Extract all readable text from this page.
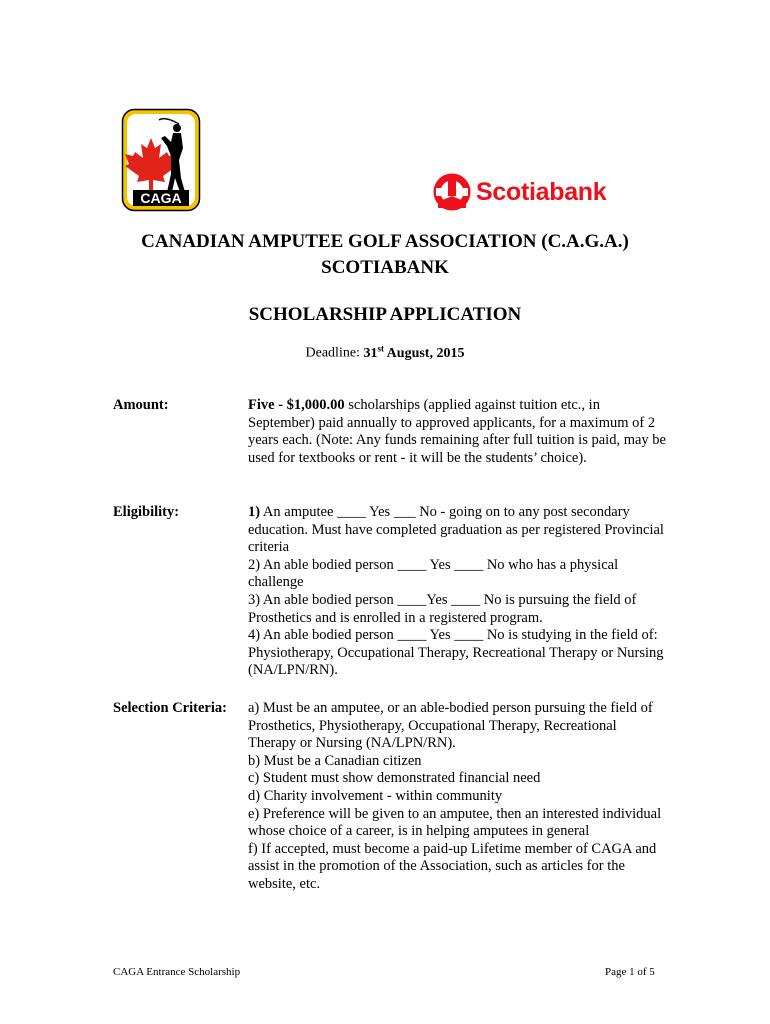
CAGA	Scotiabank
CANADIAN AMPUTEE GOLF ASSOCIATION (C.A.G.A.)
SCOTIABANK
SCHOLARSHIP APPLICATION
Deadline: 31st August, 2015
Amount:	Five - $1,000.00 scholarships (applied against tuition etc., in September) paid annually to approved applicants, for a maximum of 2 years each. (Note: Any funds remaining after full tuition is paid, may be used for textbooks or rent - it will be the students’ choice).
Eligibility:	1) An amputee ____ Yes ___ No - going on to any post secondary education. Must have completed graduation as per registered Provincial criteria
2) An able bodied person ____ Yes ____ No who has a physical challenge
3) An able bodied person ____Yes ____ No is pursuing the field of Prosthetics and is enrolled in a registered program.
4) An able bodied person ____ Yes ____ No is studying in the field of: Physiotherapy, Occupational Therapy, Recreational Therapy or Nursing (NA/LPN/RN).
Selection Criteria: a) Must be an amputee, or an able-bodied person pursuing the field of Prosthetics, Physiotherapy, Occupational Therapy, Recreational Therapy or Nursing (NA/LPN/RN).
b) Must be a Canadian citizen
c) Student must show demonstrated financial need
d) Charity involvement - within community
e) Preference will be given to an amputee, then an interested individual whose choice of a career, is in helping amputees in general
f) If accepted, must become a paid-up Lifetime member of CAGA and assist in the promotion of the Association, such as articles for the website, etc.
CAGA Entrance Scholarship	Page 1 of 5
